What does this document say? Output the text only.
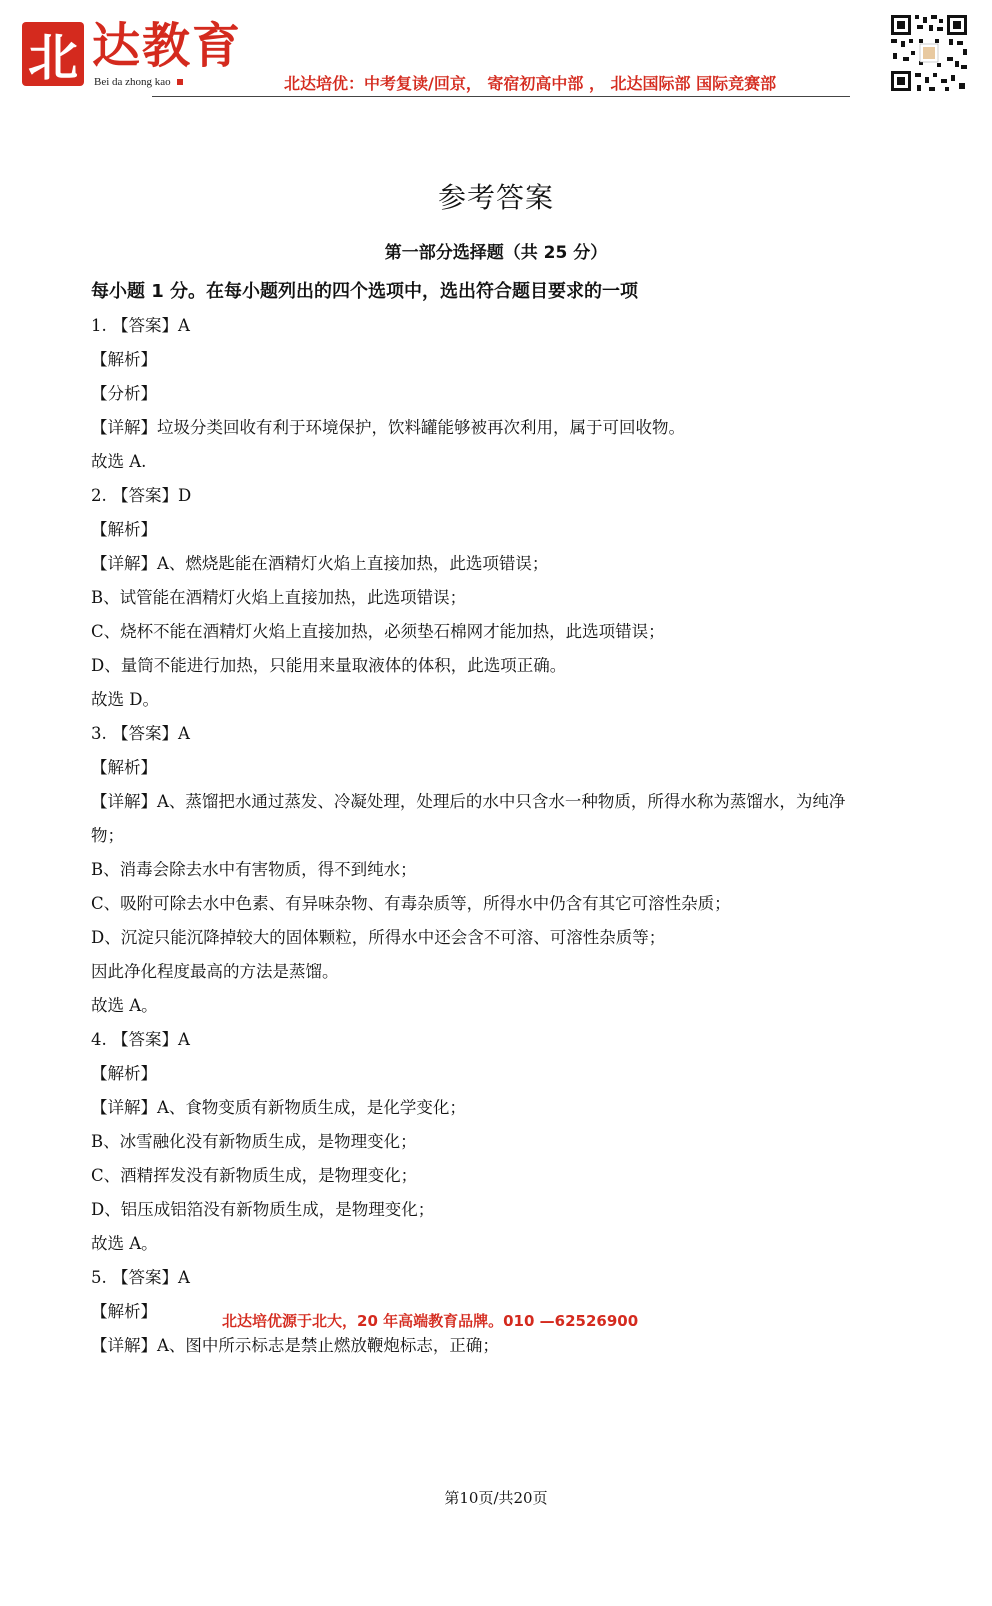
北 达教育
Bei da zhong kao	北达培优：中考复读/回京， 寄宿初高中部 ， 北达国际部 国际竞赛部
参考答案
第一部分选择题（共 25 分）
每小题 1 分。在每小题列出的四个选项中，选出符合题目要求的一项
1. 【答案】A
【解析】
【分析】
【详解】垃圾分类回收有利于环境保护，饮料罐能够被再次利用，属于可回收物。
故选 A.
2. 【答案】D
【解析】
【详解】A、燃烧匙能在酒精灯火焰上直接加热，此选项错误；
B、试管能在酒精灯火焰上直接加热，此选项错误；
C、烧杯不能在酒精灯火焰上直接加热，必须垫石棉网才能加热，此选项错误；
D、量筒不能进行加热，只能用来量取液体的体积，此选项正确。
故选 D。
3. 【答案】A
【解析】
【详解】A、蒸馏把水通过蒸发、冷凝处理，处理后的水中只含水一种物质，所得水称为蒸馏水，为纯净
物；
B、消毒会除去水中有害物质，得不到纯水；
C、吸附可除去水中色素、有异味杂物、有毒杂质等，所得水中仍含有其它可溶性杂质；
D、沉淀只能沉降掉较大的固体颗粒，所得水中还会含不可溶、可溶性杂质等；
因此净化程度最高的方法是蒸馏。
故选 A。
4. 【答案】A
【解析】
【详解】A、食物变质有新物质生成，是化学变化；
B、冰雪融化没有新物质生成，是物理变化；
C、酒精挥发没有新物质生成，是物理变化；
D、铝压成铝箔没有新物质生成，是物理变化；
故选 A。
5. 【答案】A
【解析】
【详解】A、图中所示标志是禁止燃放鞭炮标志，正确；
北达培优源于北大，20 年高端教育品牌。010 —62526900
第10页/共20页
